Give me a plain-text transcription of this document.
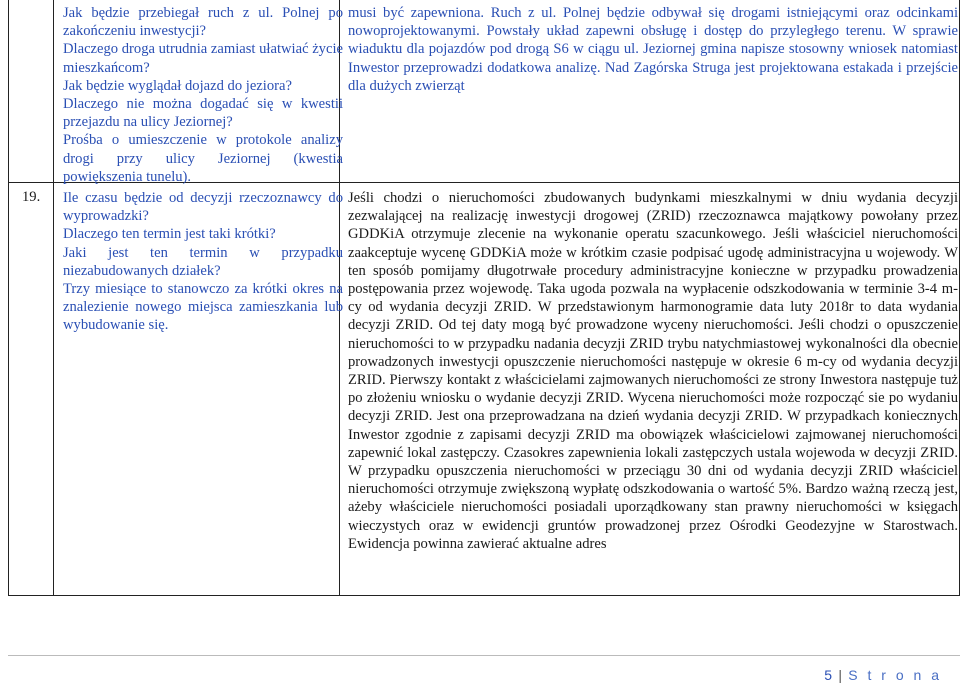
Jak będzie przebiegał ruch z ul. Polnej po zakończeniu inwestycji?

Dlaczego droga utrudnia zamiast ułatwiać życie mieszkańcom?

Jak będzie wyglądał dojazd do jeziora?

Dlaczego nie można dogadać się w kwestii przejazdu na ulicy Jeziornej?

Prośba o umieszczenie w protokole analizy drogi przy ulicy Jeziornej (kwestia powiększenia tunelu).

musi być zapewniona. Ruch z ul. Polnej będzie odbywał się drogami istniejącymi oraz odcinkami nowoprojektowanymi. Powstały układ zapewni obsługę i dostęp do przyległego terenu. W sprawie wiaduktu dla pojazdów pod drogą S6 w ciągu ul. Jeziornej gmina napisze stosowny wniosek natomiast Inwestor przeprowadzi dodatkowa analizę. Nad Zagórska Struga jest projektowana estakada i przejście dla dużych zwierząt

19. Ile czasu będzie od decyzji rzeczoznawcy do wyprowadzki?

Dlaczego ten termin jest taki krótki?

Jaki jest ten termin w przypadku niezabudowanych działek?

Trzy miesiące to stanowczo za krótki okres na znalezienie nowego miejsca zamieszkania lub wybudowanie się.

Jeśli chodzi o nieruchomości zbudowanych budynkami mieszkalnymi w dniu wydania decyzji zezwalającej na realizację inwestycji drogowej (ZRID) rzeczoznawca majątkowy powołany przez GDDKiA otrzymuje zlecenie na wykonanie operatu szacunkowego. Jeśli właściciel nieruchomości zaakceptuje wycenę GDDKiA może w krótkim czasie podpisać ugodę administracyjna u wojewody. W ten sposób pomijamy długotrwałe procedury administracyjne konieczne w przypadku prowadzenia postępowania przez wojewodę. Taka ugoda pozwala na wypłacenie odszkodowania w terminie 3-4 m-cy od wydania decyzji ZRID. W przedstawionym harmonogramie data luty 2018r to data wydania decyzji ZRID. Od tej daty mogą być prowadzone wyceny nieruchomości. Jeśli chodzi o opuszczenie nieruchomości to w przypadku nadania decyzji ZRID trybu natychmiastowej wykonalności dla obecnie prowadzonych inwestycji opuszczenie nieruchomości następuje w okresie 6 m-cy od wydania decyzji ZRID. Pierwszy kontakt z właścicielami zajmowanych nieruchomości ze strony Inwestora następuje tuż po złożeniu wniosku o wydanie decyzji ZRID. Wycena nieruchomości może rozpocząć sie po wydaniu decyzji ZRID. Jest ona przeprowadzana na dzień wydania decyzji ZRID. W przypadkach koniecznych Inwestor zgodnie z zapisami decyzji ZRID ma obowiązek właścicielowi zajmowanej nieruchomości zapewnić lokal zastępczy. Czasokres zapewnienia lokali zastępczych ustala wojewoda w decyzji ZRID. W przypadku opuszczenia nieruchomości w przeciągu 30 dni od wydania decyzji ZRID właściciel nieruchomości otrzymuje zwiększoną wypłatę odszkodowania o wartość 5%. Bardzo ważną rzeczą jest, ażeby właściciele nieruchomości posiadali uporządkowany stan prawny nieruchomości w księgach wieczystych oraz w ewidencji gruntów prowadzonej przez Ośrodki Geodezyjne w Starostwach. Ewidencja powinna zawierać aktualne adres

5 | S t r o n a
